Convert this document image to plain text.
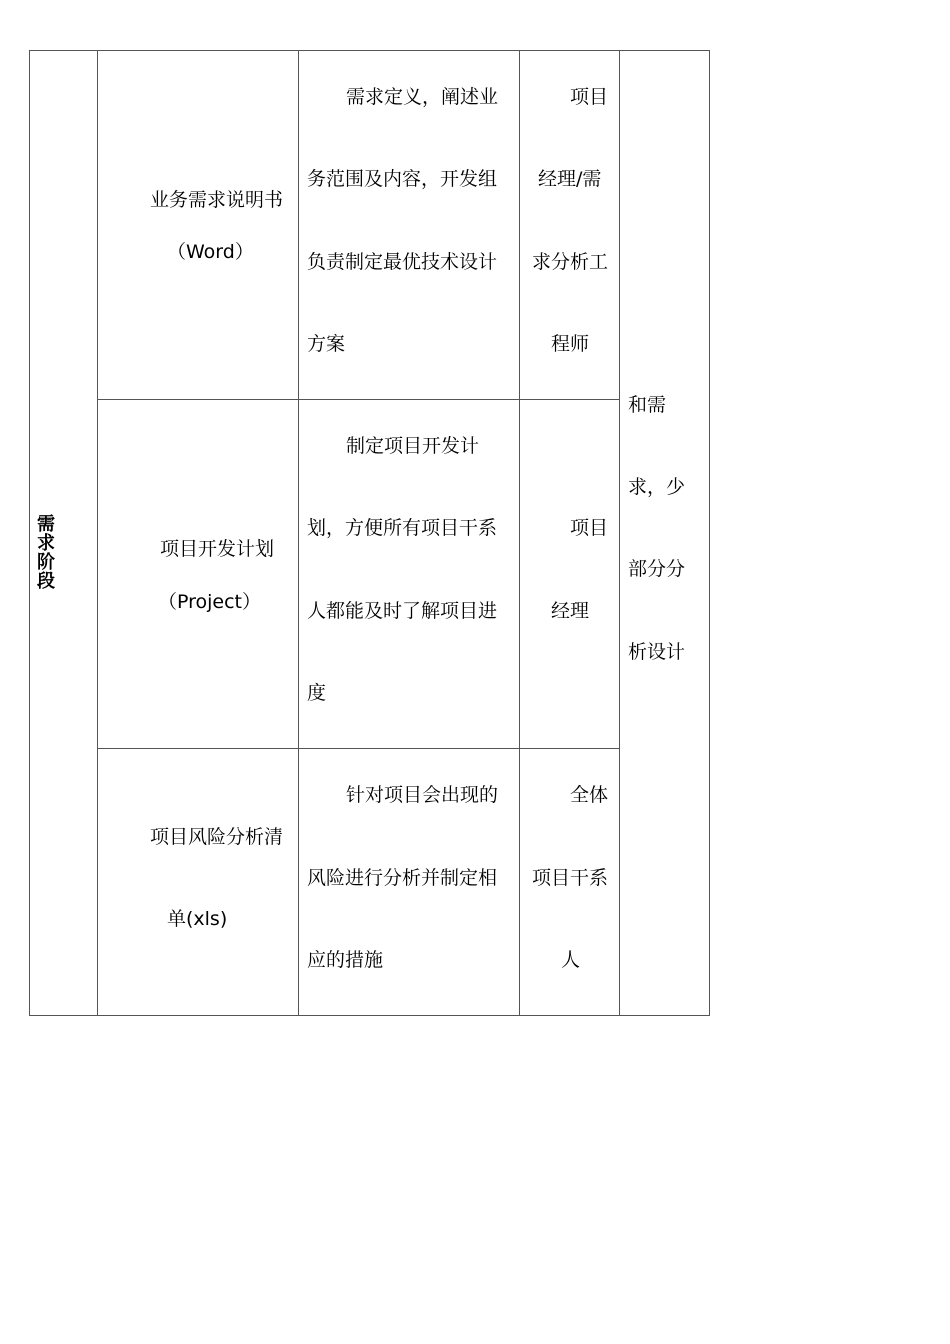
需
求
阶
段
业务需求说明书
（Word）
需求定义，阐述业
务范围及内容，开发组
负责制定最优技术设计
方案
项目
经理/需
求分析工
程师
项目开发计划
（Project）
制定项目开发计
划，方便所有项目干系
人都能及时了解项目进
度
项目
经理
项目风险分析清
单(xls)
针对项目会出现的
风险进行分析并制定相
应的措施
全体
项目干系
人
和需
求，少
部分分
析设计
